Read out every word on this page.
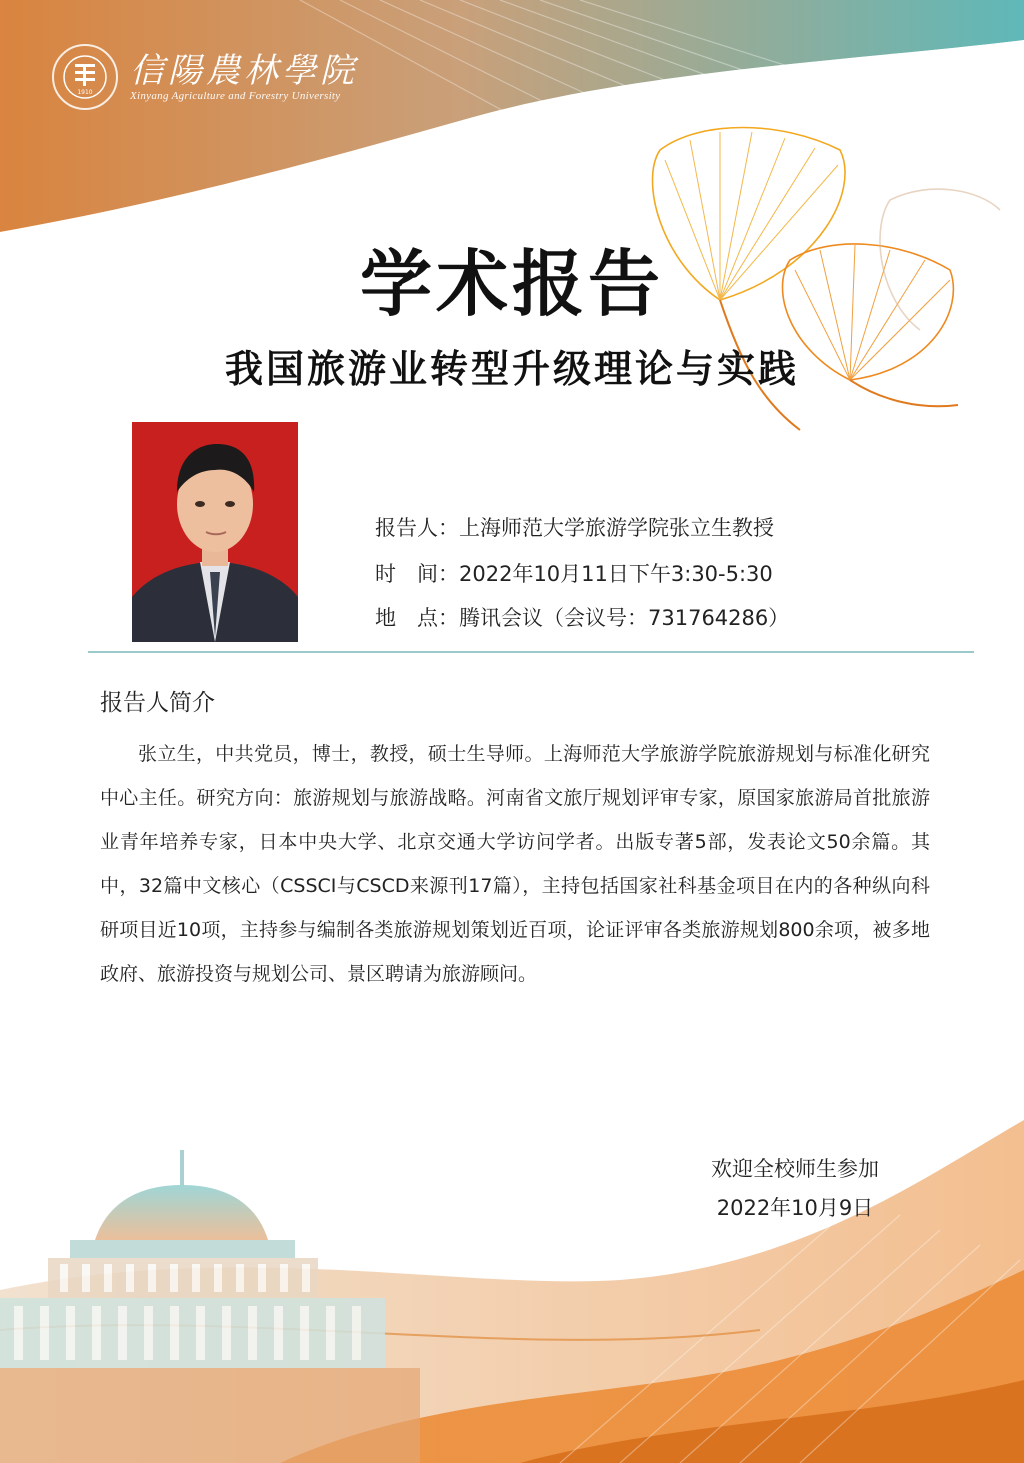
1910
信陽農林學院
Xinyang Agriculture and Forestry University
学术报告
我国旅游业转型升级理论与实践
报告人：上海师范大学旅游学院张立生教授
时　间：2022年10月11日下午3:30-5:30
地　点：腾讯会议（会议号：731764286）
报告人简介
张立生，中共党员，博士，教授，硕士生导师。上海师范大学旅游学院旅游规划与标准化研究中心主任。研究方向：旅游规划与旅游战略。河南省文旅厅规划评审专家，原国家旅游局首批旅游业青年培养专家，日本中央大学、北京交通大学访问学者。出版专著5部，发表论文50余篇。其中，32篇中文核心（CSSCI与CSCD来源刊17篇），主持包括国家社科基金项目在内的各种纵向科研项目近10项，主持参与编制各类旅游规划策划近百项，论证评审各类旅游规划800余项，被多地政府、旅游投资与规划公司、景区聘请为旅游顾问。
欢迎全校师生参加
2022年10月9日
